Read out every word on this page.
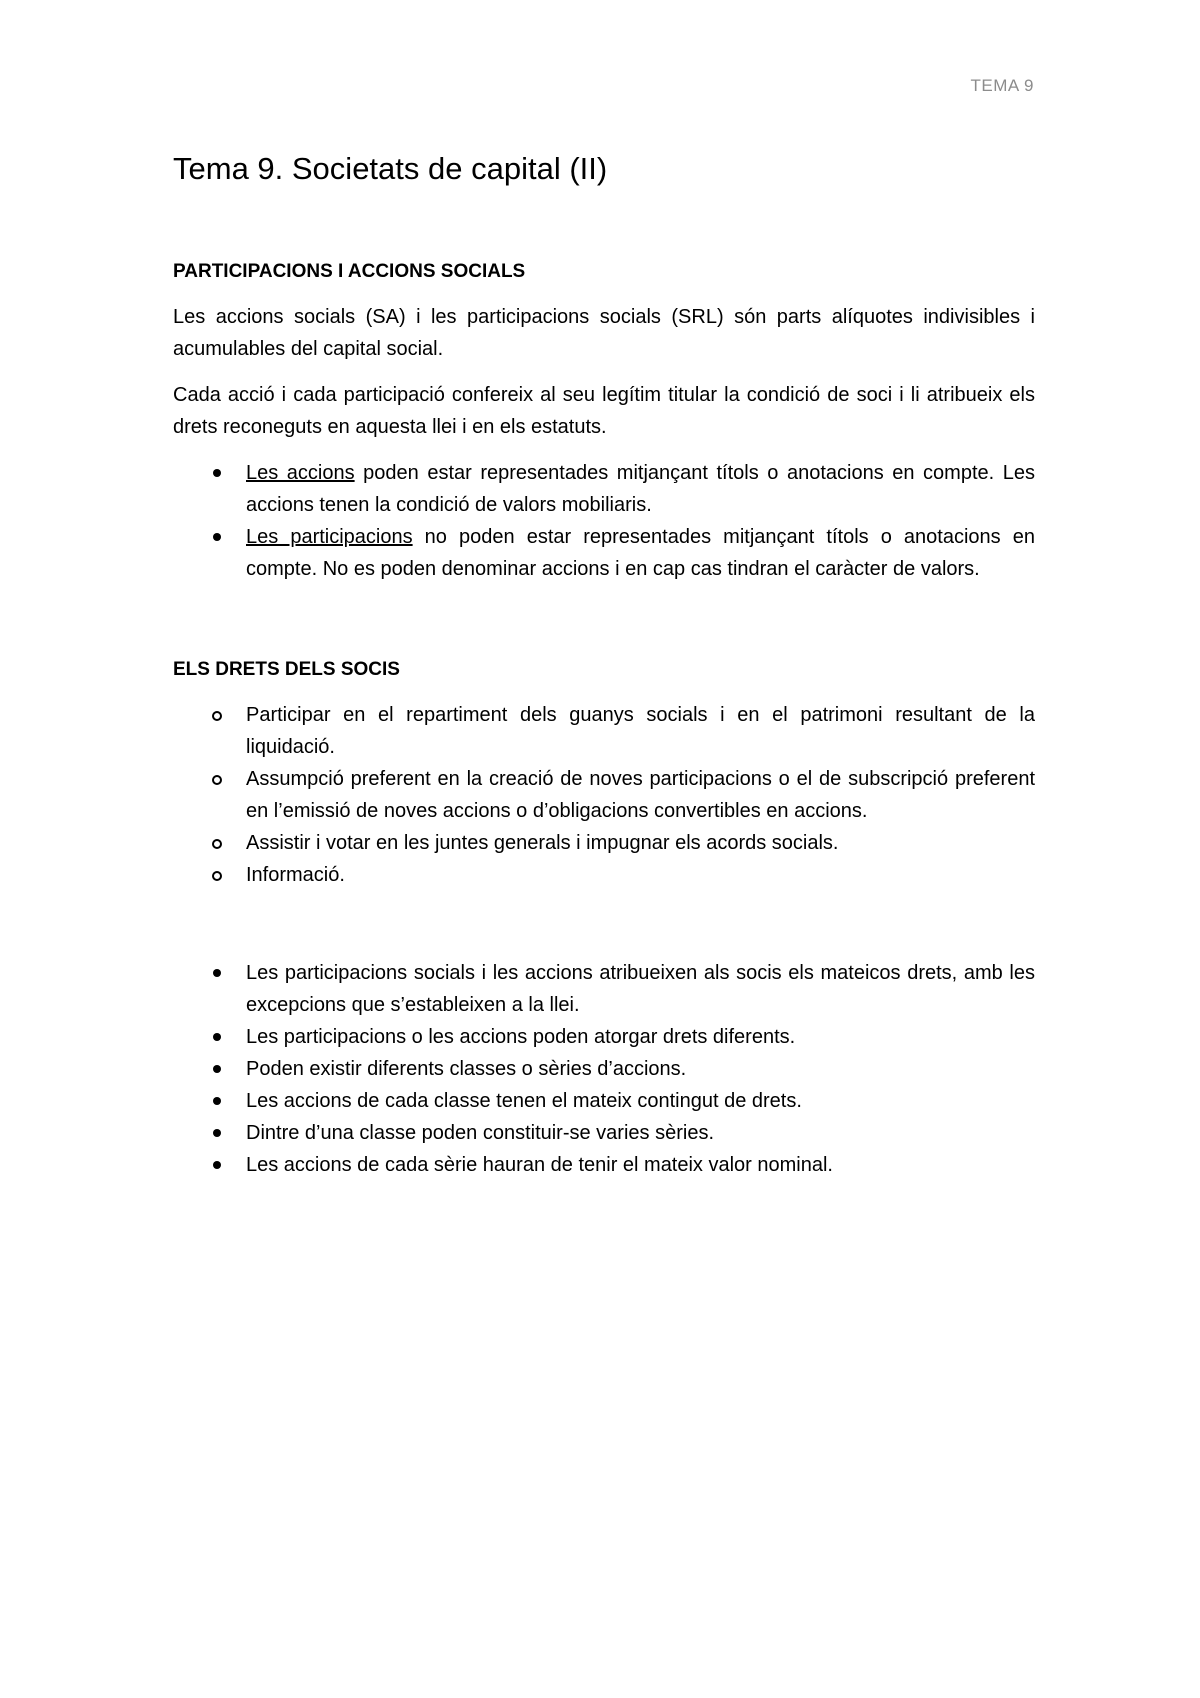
TEMA 9
Tema 9. Societats de capital (II)
PARTICIPACIONS I ACCIONS SOCIALS

Les accions socials (SA) i les participacions socials (SRL) són parts alíquotes indivisibles i acumulables del capital social.

Cada acció i cada participació confereix al seu legítim titular la condició de soci i li atribueix els drets reconeguts en aquesta llei i en els estatuts.

Les accions poden estar representades mitjançant títols o anotacions en compte. Les accions tenen la condició de valors mobiliaris.
Les participacions no poden estar representades mitjançant títols o anotacions en compte. No es poden denominar accions i en cap cas tindran el caràcter de valors.
ELS DRETS DELS SOCIS
Participar en el repartiment dels guanys socials i en el patrimoni resultant de la liquidació.
Assumpció preferent en la creació de noves participacions o el de subscripció preferent en l’emissió de noves accions o d’obligacions convertibles en accions.
Assistir i votar en les juntes generals i impugnar els acords socials.
Informació.
Les participacions socials i les accions atribueixen als socis els mateicos drets, amb les excepcions que s’estableixen a la llei.
Les participacions o les accions poden atorgar drets diferents.
Poden existir diferents classes o sèries d’accions.
Les accions de cada classe tenen el mateix contingut de drets.
Dintre d’una classe poden constituir-se varies sèries.
Les accions de cada sèrie hauran de tenir el mateix valor nominal.
